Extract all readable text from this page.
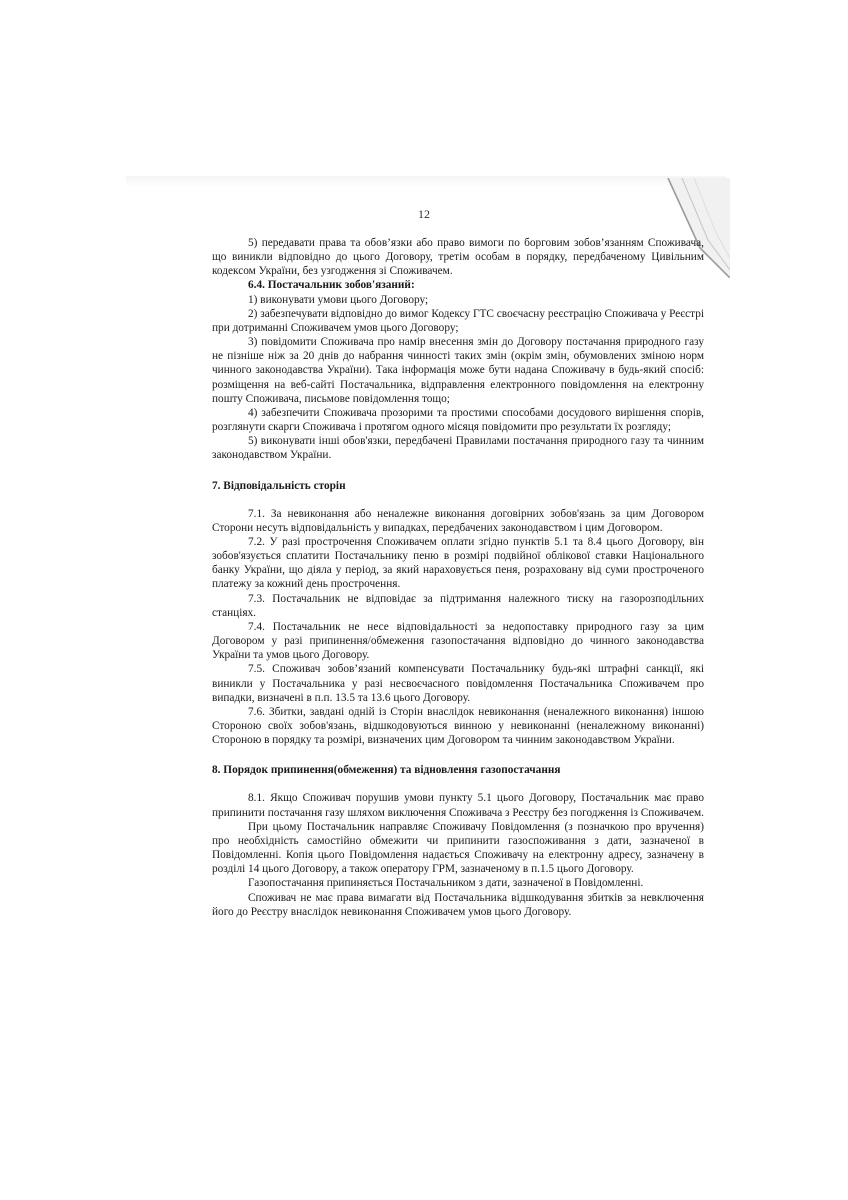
12

5) передавати права та обов’язки або право вимоги по борговим зобов’язанням Споживача, що виникли відповідно до цього Договору, третім особам в порядку, передбаченому Цивільним кодексом України, без узгодження зі Споживачем.

6.4. Постачальник зобов'язаний:

1) виконувати умови цього Договору;

2) забезпечувати відповідно до вимог Кодексу ГТС своєчасну реєстрацію Споживача у Реєстрі при дотриманні Споживачем умов цього Договору;

3) повідомити Споживача про намір внесення змін до Договору постачання природного газу не пізніше ніж за 20 днів до набрання чинності таких змін (окрім змін, обумовлених зміною норм чинного законодавства України). Така інформація може бути надана Споживачу в будь-який спосіб: розміщення на веб-сайті Постачальника, відправлення електронного повідомлення на електронну пошту Споживача, письмове повідомлення тощо;

4) забезпечити Споживача прозорими та простими способами досудового вирішення спорів, розглянути скарги Споживача і протягом одного місяця повідомити про результати їх розгляду;

5) виконувати інші обов'язки, передбачені Правилами постачання природного газу та чинним законодавством України.

7. Відповідальність сторін

7.1. За невиконання або неналежне виконання договірних зобов'язань за цим Договором Сторони несуть відповідальність у випадках, передбачених законодавством і цим Договором.

7.2. У разі прострочення Споживачем оплати згідно пунктів 5.1 та 8.4 цього Договору, він зобов'язується сплатити Постачальнику пеню в розмірі подвійної облікової ставки Національного банку України, що діяла у період, за який нараховується пеня, розраховану від суми простроченого платежу за кожний день прострочення.

7.3. Постачальник не відповідає за підтримання належного тиску на газорозподільних станціях.

7.4. Постачальник не несе відповідальності за недопоставку природного газу за цим Договором у разі припинення/обмеження газопостачання відповідно до чинного законодавства України та умов цього Договору.

7.5. Споживач зобов’язаний компенсувати Постачальнику будь-які штрафні санкції, які виникли у Постачальника у разі несвоєчасного повідомлення Постачальника Споживачем про випадки, визначені в п.п. 13.5 та 13.6 цього Договору.

7.6. Збитки, завдані одній із Сторін внаслідок невиконання (неналежного виконання) іншою Стороною своїх зобов'язань, відшкодовуються винною у невиконанні (неналежному виконанні) Стороною в порядку та розмірі, визначених цим Договором та чинним законодавством України.

8. Порядок припинення(обмеження) та відновлення газопостачання

8.1. Якщо Споживач порушив умови пункту 5.1 цього Договору, Постачальник має право припинити постачання газу шляхом виключення Споживача з Реєстру без погодження із Споживачем.

При цьому Постачальник направляє Споживачу Повідомлення (з позначкою про вручення) про необхідність самостійно обмежити чи припинити газоспоживання з дати, зазначеної в Повідомленні. Копія цього Повідомлення надається Споживачу на електронну адресу, зазначену в розділі 14 цього Договору, а також оператору ГРМ, зазначеному в п.1.5 цього Договору.

Газопостачання припиняється Постачальником з дати, зазначеної в Повідомленні.

Споживач не має права вимагати від Постачальника відшкодування збитків за невключення його до Реєстру внаслідок невиконання Споживачем умов цього Договору.
